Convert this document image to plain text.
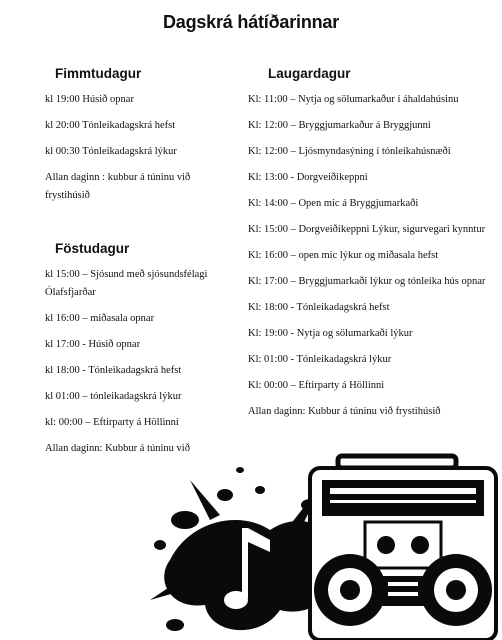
Dagskrá hátíðarinnar
Fimmtudagur
kl 19:00 Húsið opnar
kl 20:00 Tónleikadagskrá hefst
kl 00:30 Tónleikadagskrá lýkur
Allan daginn : kubbur á túninu við frystihúsið
Föstudagur
kl 15:00 – Sjósund með sjósundsfélagi Ólafsfjarðar
kl 16:00 – miðasala opnar
kl 17:00 - Húsið opnar
kl 18:00 - Tónleikadagskrá hefst
kl 01:00 – tónleikadagskrá lýkur
kl: 00:00 – Eftirparty á Höllinni
Allan daginn: Kubbur á túninu við
Laugardagur
Kl: 11:00 – Nytja og sölumarkaður í áhaldahúsinu
Kl: 12:00 – Bryggjumarkaður á Bryggjunni
Kl: 12:00 – Ljósmyndasýning í tónleikahúsnæði
Kl: 13:00 - Dorgveiðikeppni
Kl: 14:00 – Open mic á Bryggjumarkaði
Kl: 15:00 – Dorgveiðikeppni Lýkur, sigurvegari kynntur
Kl: 16:00 – open mic lýkur og miðasala hefst
Kl: 17:00 – Bryggjumarkaði lýkur og tónleika hús opnar
Kl: 18:00 - Tónleikadagskrá hefst
Kl: 19:00 - Nytja og sölumarkaði lýkur
Kl: 01:00 - Tónleikadagskrá lýkur
Kl: 00:00 – Eftirparty á Höllinni
Allan daginn: Kubbur á túninu við frystihúsið
